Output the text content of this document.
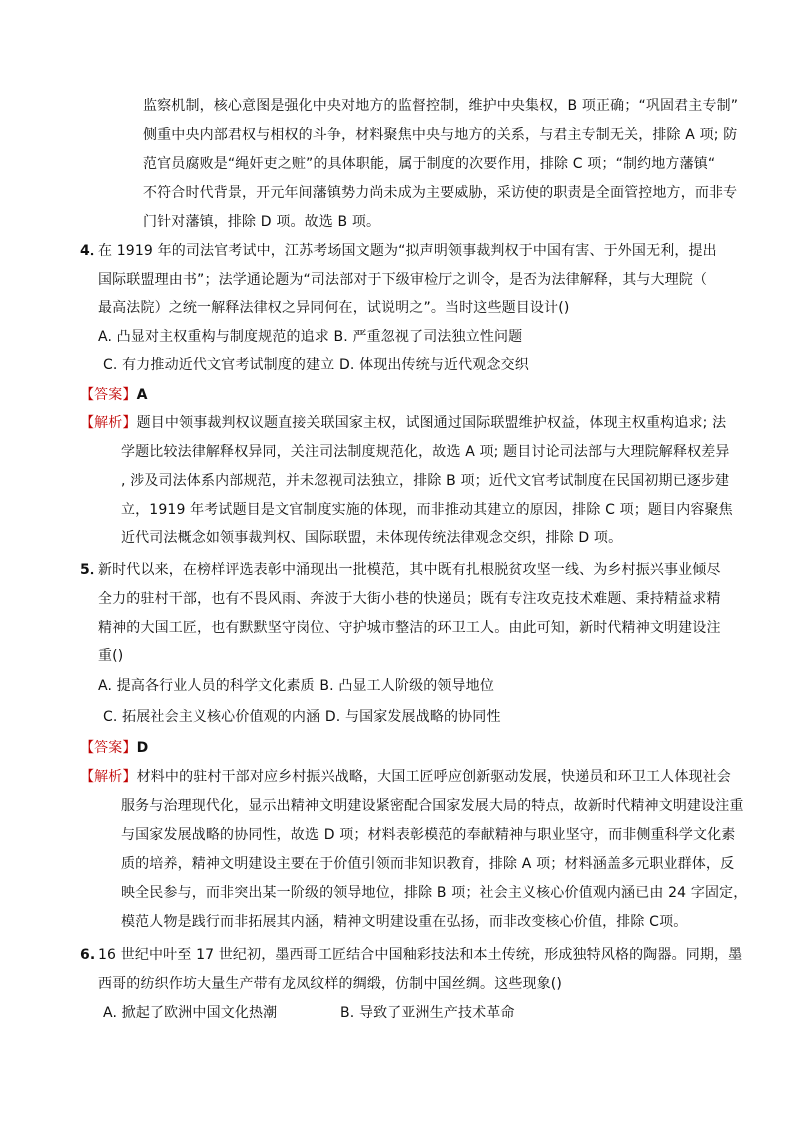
监察机制，核心意图是强化中央对地方的监督控制，维护中央集权，B 项正确；“巩固君主专制”
侧重中央内部君权与相权的斗争，材料聚焦中央与地方的关系，与君主专制无关，排除 A 项; 防
范官员腐败是“绳奸吏之赃”的具体职能，属于制度的次要作用，排除 C 项；“制约地方藩镇“
不符合时代背景，开元年间藩镇势力尚未成为主要威胁，采访使的职责是全面管控地方，而非专
门针对藩镇，排除 D 项。故选 B 项。
4．
在 1919 年的司法官考试中，江苏考场国文题为“拟声明领事裁判权于中国有害、于外国无利，提出
国际联盟理由书”；法学通论题为“司法部对于下级审检厅之训令，是否为法律解释，其与大理院（
最高法院）之统一解释法律权之异同何在，试说明之”。当时这些题目设计()
A. 凸显对主权重构与制度规范的追求 B. 严重忽视了司法独立性问题
C. 有力推动近代文官考试制度的建立 D. 体现出传统与近代观念交织
【答案】A
【解析】题目中领事裁判权议题直接关联国家主权，试图通过国际联盟维护权益，体现主权重构追求; 法
学题比较法律解释权异同，关注司法制度规范化，故选 A 项; 题目讨论司法部与大理院解释权差异
, 涉及司法体系内部规范，并未忽视司法独立，排除 B 项；近代文官考试制度在民国初期已逐步建
立，1919 年考试题目是文官制度实施的体现，而非推动其建立的原因，排除 C 项；题目内容聚焦
近代司法概念如领事裁判权、国际联盟，未体现传统法律观念交织，排除 D 项。
5．
新时代以来，在榜样评选表彰中涌现出一批模范，其中既有扎根脱贫攻坚一线、为乡村振兴事业倾尽
全力的驻村干部，也有不畏风雨、奔波于大街小巷的快递员；既有专注攻克技术难题、秉持精益求精
精神的大国工匠，也有默默坚守岗位、守护城市整洁的环卫工人。由此可知，新时代精神文明建设注
重()
A. 提高各行业人员的科学文化素质 B. 凸显工人阶级的领导地位
C. 拓展社会主义核心价值观的内涵 D. 与国家发展战略的协同性
【答案】D
【解析】材料中的驻村干部对应乡村振兴战略，大国工匠呼应创新驱动发展，快递员和环卫工人体现社会
服务与治理现代化，显示出精神文明建设紧密配合国家发展大局的特点，故新时代精神文明建设注重
与国家发展战略的协同性，故选 D 项；材料表彰模范的奉献精神与职业坚守，而非侧重科学文化素
质的培养，精神文明建设主要在于价值引领而非知识教育，排除 A 项；材料涵盖多元职业群体，反
映全民参与，而非突出某一阶级的领导地位，排除 B 项；社会主义核心价值观内涵已由 24 字固定，
模范人物是践行而非拓展其内涵，精神文明建设重在弘扬，而非改变核心价值，排除 C项。
6. 16 世纪中叶至 17 世纪初，墨西哥工匠结合中国釉彩技法和本土传统，形成独特风格的陶器。同期，墨
西哥的纺织作坊大量生产带有龙凤纹样的绸缎，仿制中国丝绸。这些现象()
A. 掀起了欧洲中国文化热潮	B. 导致了亚洲生产技术革命
